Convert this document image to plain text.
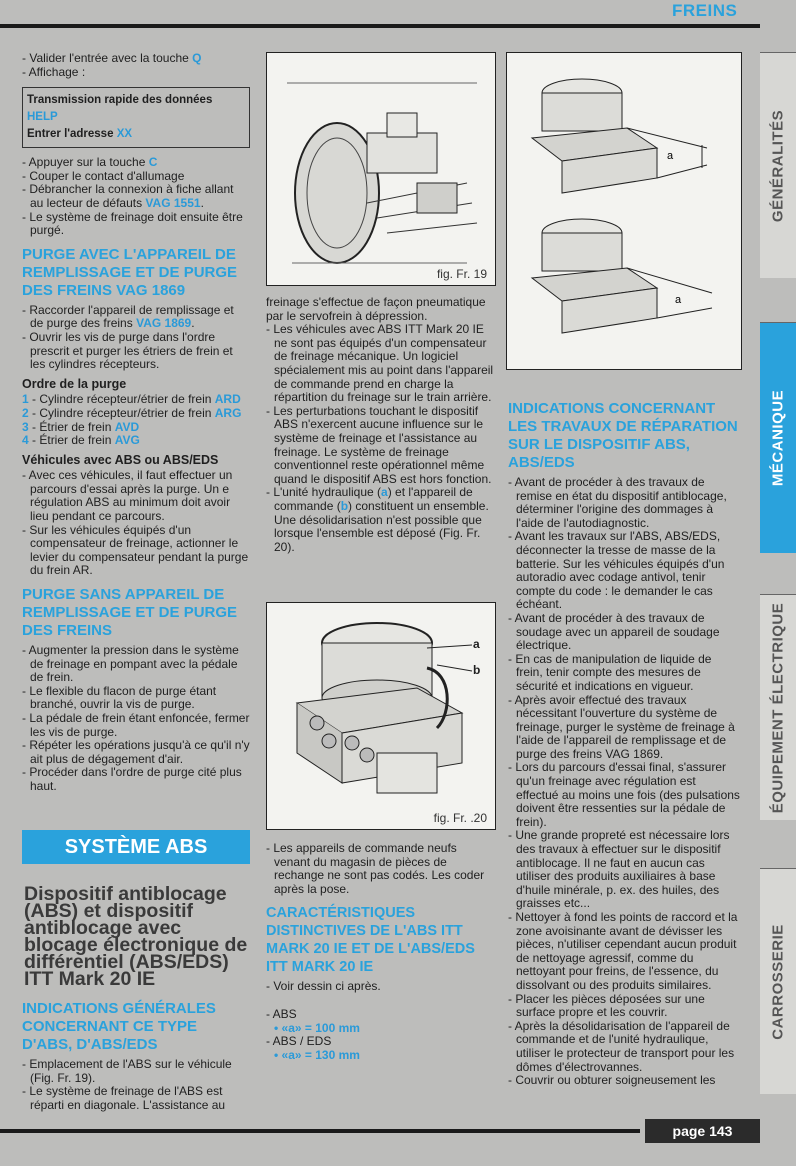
FREINS

- Valider l'entrée avec la touche Q

- Affichage :

Transmission rapide des données HELP
Entrer l'adresse XX

- Appuyer sur la touche C

- Couper le contact d'allumage

- Débrancher la connexion à fiche allant au lecteur de défauts VAG 1551.

- Le système de freinage doit ensuite être purgé.

PURGE AVEC L'APPAREIL DE REMPLISSAGE ET DE PURGE DES FREINS VAG 1869

- Raccorder l'appareil de remplissage et de purge des freins VAG 1869.

- Ouvrir les vis de purge dans l'ordre prescrit et purger les étriers de frein et les cylindres récepteurs.

Ordre de la purge

1 - Cylindre récepteur/étrier de frein ARD

2 - Cylindre récepteur/étrier de frein ARG

3 - Étrier de frein AVD

4 - Étrier de frein AVG

Véhicules avec ABS ou ABS/EDS

- Avec ces véhicules, il faut effectuer un parcours d'essai après la purge. Un e régulation ABS au minimum doit avoir lieu pendant ce parcours.

- Sur les véhicules équipés d'un compensateur de freinage, actionner le levier du compensateur pendant la purge du frein AR.

PURGE SANS APPAREIL DE REMPLISSAGE ET DE PURGE DES FREINS

- Augmenter la pression dans le système de freinage en pompant avec la pédale de frein.

- Le flexible du flacon de purge étant branché, ouvrir la vis de purge.

- La pédale de frein étant enfoncée, fermer les vis de purge.

- Répéter les opérations jusqu'à ce qu'il n'y ait plus de dégagement d'air.

- Procéder dans l'ordre de purge cité plus haut.

SYSTÈME ABS
Dispositif antiblocage (ABS) et dispositif antiblocage avec blocage électronique de différentiel (ABS/EDS) ITT Mark 20 IE
INDICATIONS GÉNÉRALES CONCERNANT CE TYPE D'ABS, D'ABS/EDS

- Emplacement de l'ABS sur le véhicule (Fig. Fr. 19).

- Le système de freinage de l'ABS est réparti en diagonale. L'assistance au

fig. Fr. 19

freinage s'effectue de façon pneumatique par le servofrein à dépression.

- Les véhicules avec ABS ITT Mark 20 IE ne sont pas équipés d'un compensateur de freinage mécanique. Un logiciel spécialement mis au point dans l'appareil de commande prend en charge la répartition du freinage sur le train arrière.

- Les perturbations touchant le dispositif ABS n'exercent aucune influence sur le système de freinage et l'assistance au freinage. Le système de freinage conventionnel reste opérationnel même quand le dispositif ABS est hors fonction.

- L'unité hydraulique (a) et l'appareil de commande (b) constituent un ensemble. Une désolidarisation n'est possible que lorsque l'ensemble est déposé (Fig. Fr. 20).

a
b
fig. Fr. .20

- Les appareils de commande neufs venant du magasin de pièces de rechange ne sont pas codés. Les coder après la pose.

CARACTÉRISTIQUES DISTINCTIVES DE L'ABS ITT MARK 20 IE ET DE L'ABS/EDS ITT MARK 20 IE

- Voir dessin ci après.

- ABS

• «a» = 100 mm

- ABS / EDS

• «a» = 130 mm

a
a
INDICATIONS CONCERNANT LES TRAVAUX DE RÉPARATION SUR LE DISPOSITIF ABS, ABS/EDS

- Avant de procéder à des travaux de remise en état du dispositif antiblocage, déterminer l'origine des dommages à l'aide de l'autodiagnostic.

- Avant les travaux sur l'ABS, ABS/EDS, déconnecter la tresse de masse de la batterie. Sur les véhicules équipés d'un autoradio avec codage antivol, tenir compte du code : le demander le cas échéant.

- Avant de procéder à des travaux de soudage avec un appareil de soudage électrique.

- En cas de manipulation de liquide de frein, tenir compte des mesures de sécurité et indications en vigueur.

- Après avoir effectué des travaux nécessitant l'ouverture du système de freinage, purger le système de freinage à l'aide de l'appareil de remplissage et de purge des freins VAG 1869.

- Lors du parcours d'essai final, s'assurer qu'un freinage avec régulation est effectué au moins une fois (des pulsations doivent être ressenties sur la pédale de frein).

- Une grande propreté est nécessaire lors des travaux à effectuer sur le dispositif antiblocage. Il ne faut en aucun cas utiliser des produits auxiliaires à base d'huile minérale, p. ex. des huiles, des graisses etc...

- Nettoyer à fond les points de raccord et la zone avoisinante avant de dévisser les pièces, n'utiliser cependant aucun produit de nettoyage agressif, comme du nettoyant pour freins, de l'essence, du dissolvant ou des produits similaires.

- Placer les pièces déposées sur une surface propre et les couvrir.

- Après la désolidarisation de l'appareil de commande et de l'unité hydraulique, utiliser le protecteur de transport pour les dômes d'électrovannes.

- Couvrir ou obturer soigneusement les

GÉNÉRALITÉS
MÉCANIQUE
ÉQUIPEMENT ÉLECTRIQUE
CARROSSERIE
page 143
